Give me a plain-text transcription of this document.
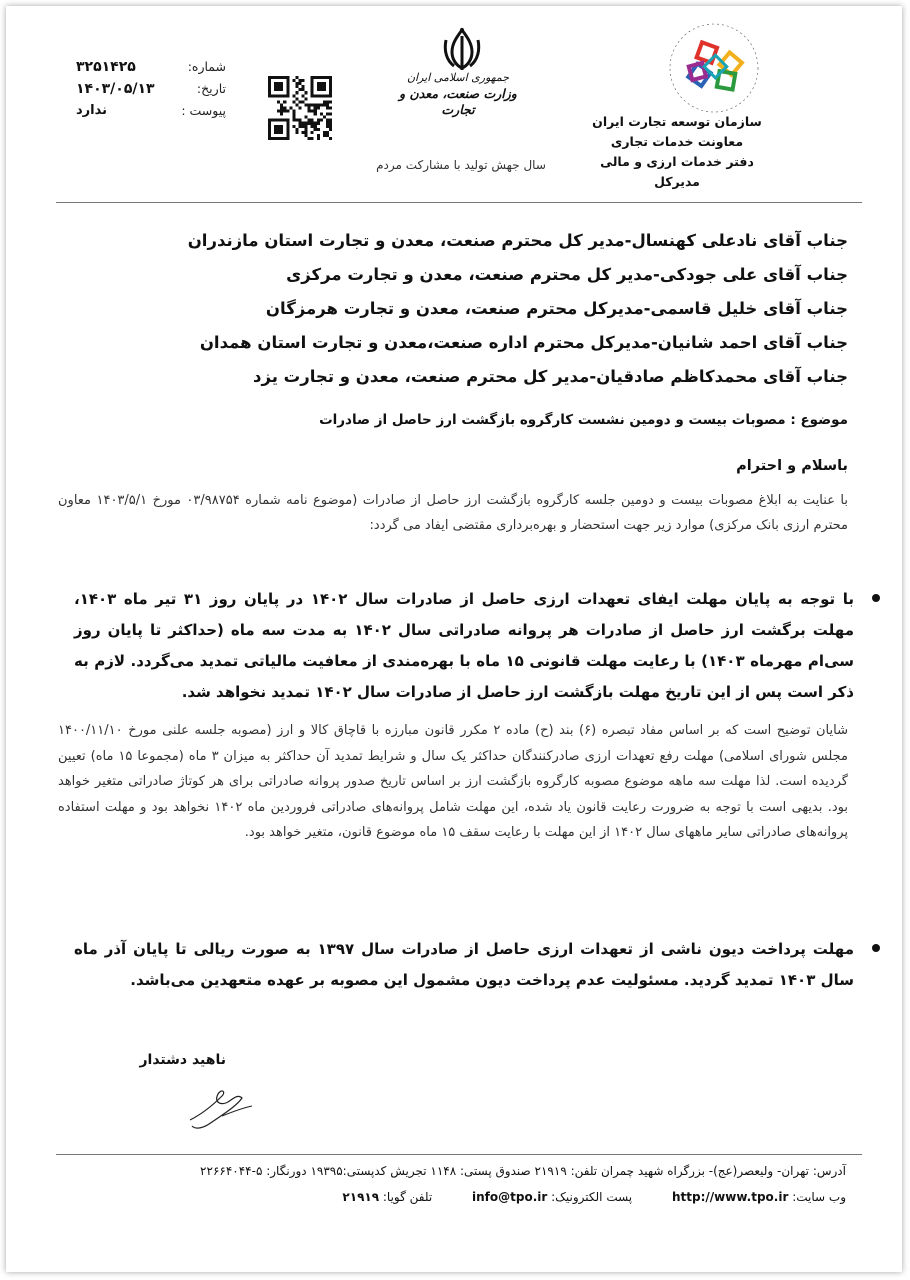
سازمان توسعه تجارت ایران
معاونت خدمات تجاری
دفتر خدمات ارزی و مالی
مدیرکل
جمهوری اسلامی ایران
وزارت صنعت، معدن و تجارت
سال جهش تولید با مشارکت مردم
شماره:
۳۲۵۱۴۲۵
تاریخ:
۱۴۰۳/۰۵/۱۳
پیوست :
ندارد
جناب آقای نادعلی کهنسال-مدیر کل محترم صنعت، معدن و تجارت استان مازندران
جناب آقای علی جودکی-مدیر کل محترم صنعت، معدن و تجارت مرکزی
جناب آقای خلیل قاسمی-مدیرکل محترم صنعت، معدن و تجارت هرمزگان
جناب آقای احمد شانیان-مدیرکل محترم اداره صنعت،معدن و تجارت استان همدان
جناب آقای محمدکاظم صادقیان-مدیر کل محترم صنعت، معدن و تجارت یزد
موضوع : مصوبات بیست و دومین نشست کارگروه بازگشت ارز حاصل از صادرات
باسلام و احترام
با عنایت به ابلاغ مصوبات بیست و دومین جلسه کارگروه بازگشت ارز حاصل از صادرات (موضوع نامه شماره ۰۳/۹۸۷۵۴ مورخ ۱۴۰۳/۵/۱ معاون محترم ارزی بانک مرکزی) موارد زیر جهت استحضار و بهره‌برداری مقتضی ایفاد می گردد:
با توجه به پایان مهلت ایفای تعهدات ارزی حاصل از صادرات سال ۱۴۰۲ در پایان روز ۳۱ تیر ماه ۱۴۰۳، مهلت برگشت ارز حاصل از صادرات هر پروانه صادراتی سال ۱۴۰۲ به مدت سه ماه (حداکثر تا پایان روز سی‌ام مهرماه ۱۴۰۳) با رعایت مهلت قانونی ۱۵ ماه با بهره‌مندی از معافیت مالیاتی تمدید می‌گردد. لازم به ذکر است پس از این تاریخ مهلت بازگشت ارز حاصل از صادرات سال ۱۴۰۲ تمدید نخواهد شد.
شایان توضیح است که بر اساس مفاد تبصره (۶) بند (ح) ماده ۲ مکرر قانون مبارزه با قاچاق کالا و ارز (مصوبه جلسه علنی مورخ ۱۴۰۰/۱۱/۱۰ مجلس شورای اسلامی) مهلت رفع تعهدات ارزی صادرکنندگان حداکثر یک سال و شرایط تمدید آن حداکثر به میزان ۳ ماه (مجموعا ۱۵ ماه) تعیین گردیده است. لذا مهلت سه ماهه موضوع مصوبه کارگروه بازگشت ارز بر اساس تاریخ صدور پروانه صادراتی برای هر کوتاژ صادراتی متغیر خواهد بود. بدیهی است با توجه به ضرورت رعایت قانون یاد شده، این مهلت شامل پروانه‌های صادراتی فروردین ماه ۱۴۰۲ نخواهد بود و مهلت استفاده پروانه‌های صادراتی سایر ماههای سال ۱۴۰۲ از این مهلت با رعایت سقف ۱۵ ماه موضوع قانون، متغیر خواهد بود.
مهلت پرداخت دیون ناشی از تعهدات ارزی حاصل از صادرات سال ۱۳۹۷ به صورت ریالی تا پایان آذر ماه سال ۱۴۰۳ تمدید گردید. مسئولیت عدم پرداخت دیون مشمول این مصوبه بر عهده متعهدین می‌باشد.
ناهید دشتدار
آدرس: تهران- ولیعصر(عج)- بزرگراه شهید چمران تلفن: ۲۱۹۱۹ صندوق پستی: ۱۱۴۸ تجریش کدپستی:۱۹۳۹۵ دورنگار: ۵-۲۲۶۶۴۰۴۴
وب سایت: http://www.tpo.ir پست الکترونیک: info@tpo.ir تلفن گویا: ۲۱۹۱۹
